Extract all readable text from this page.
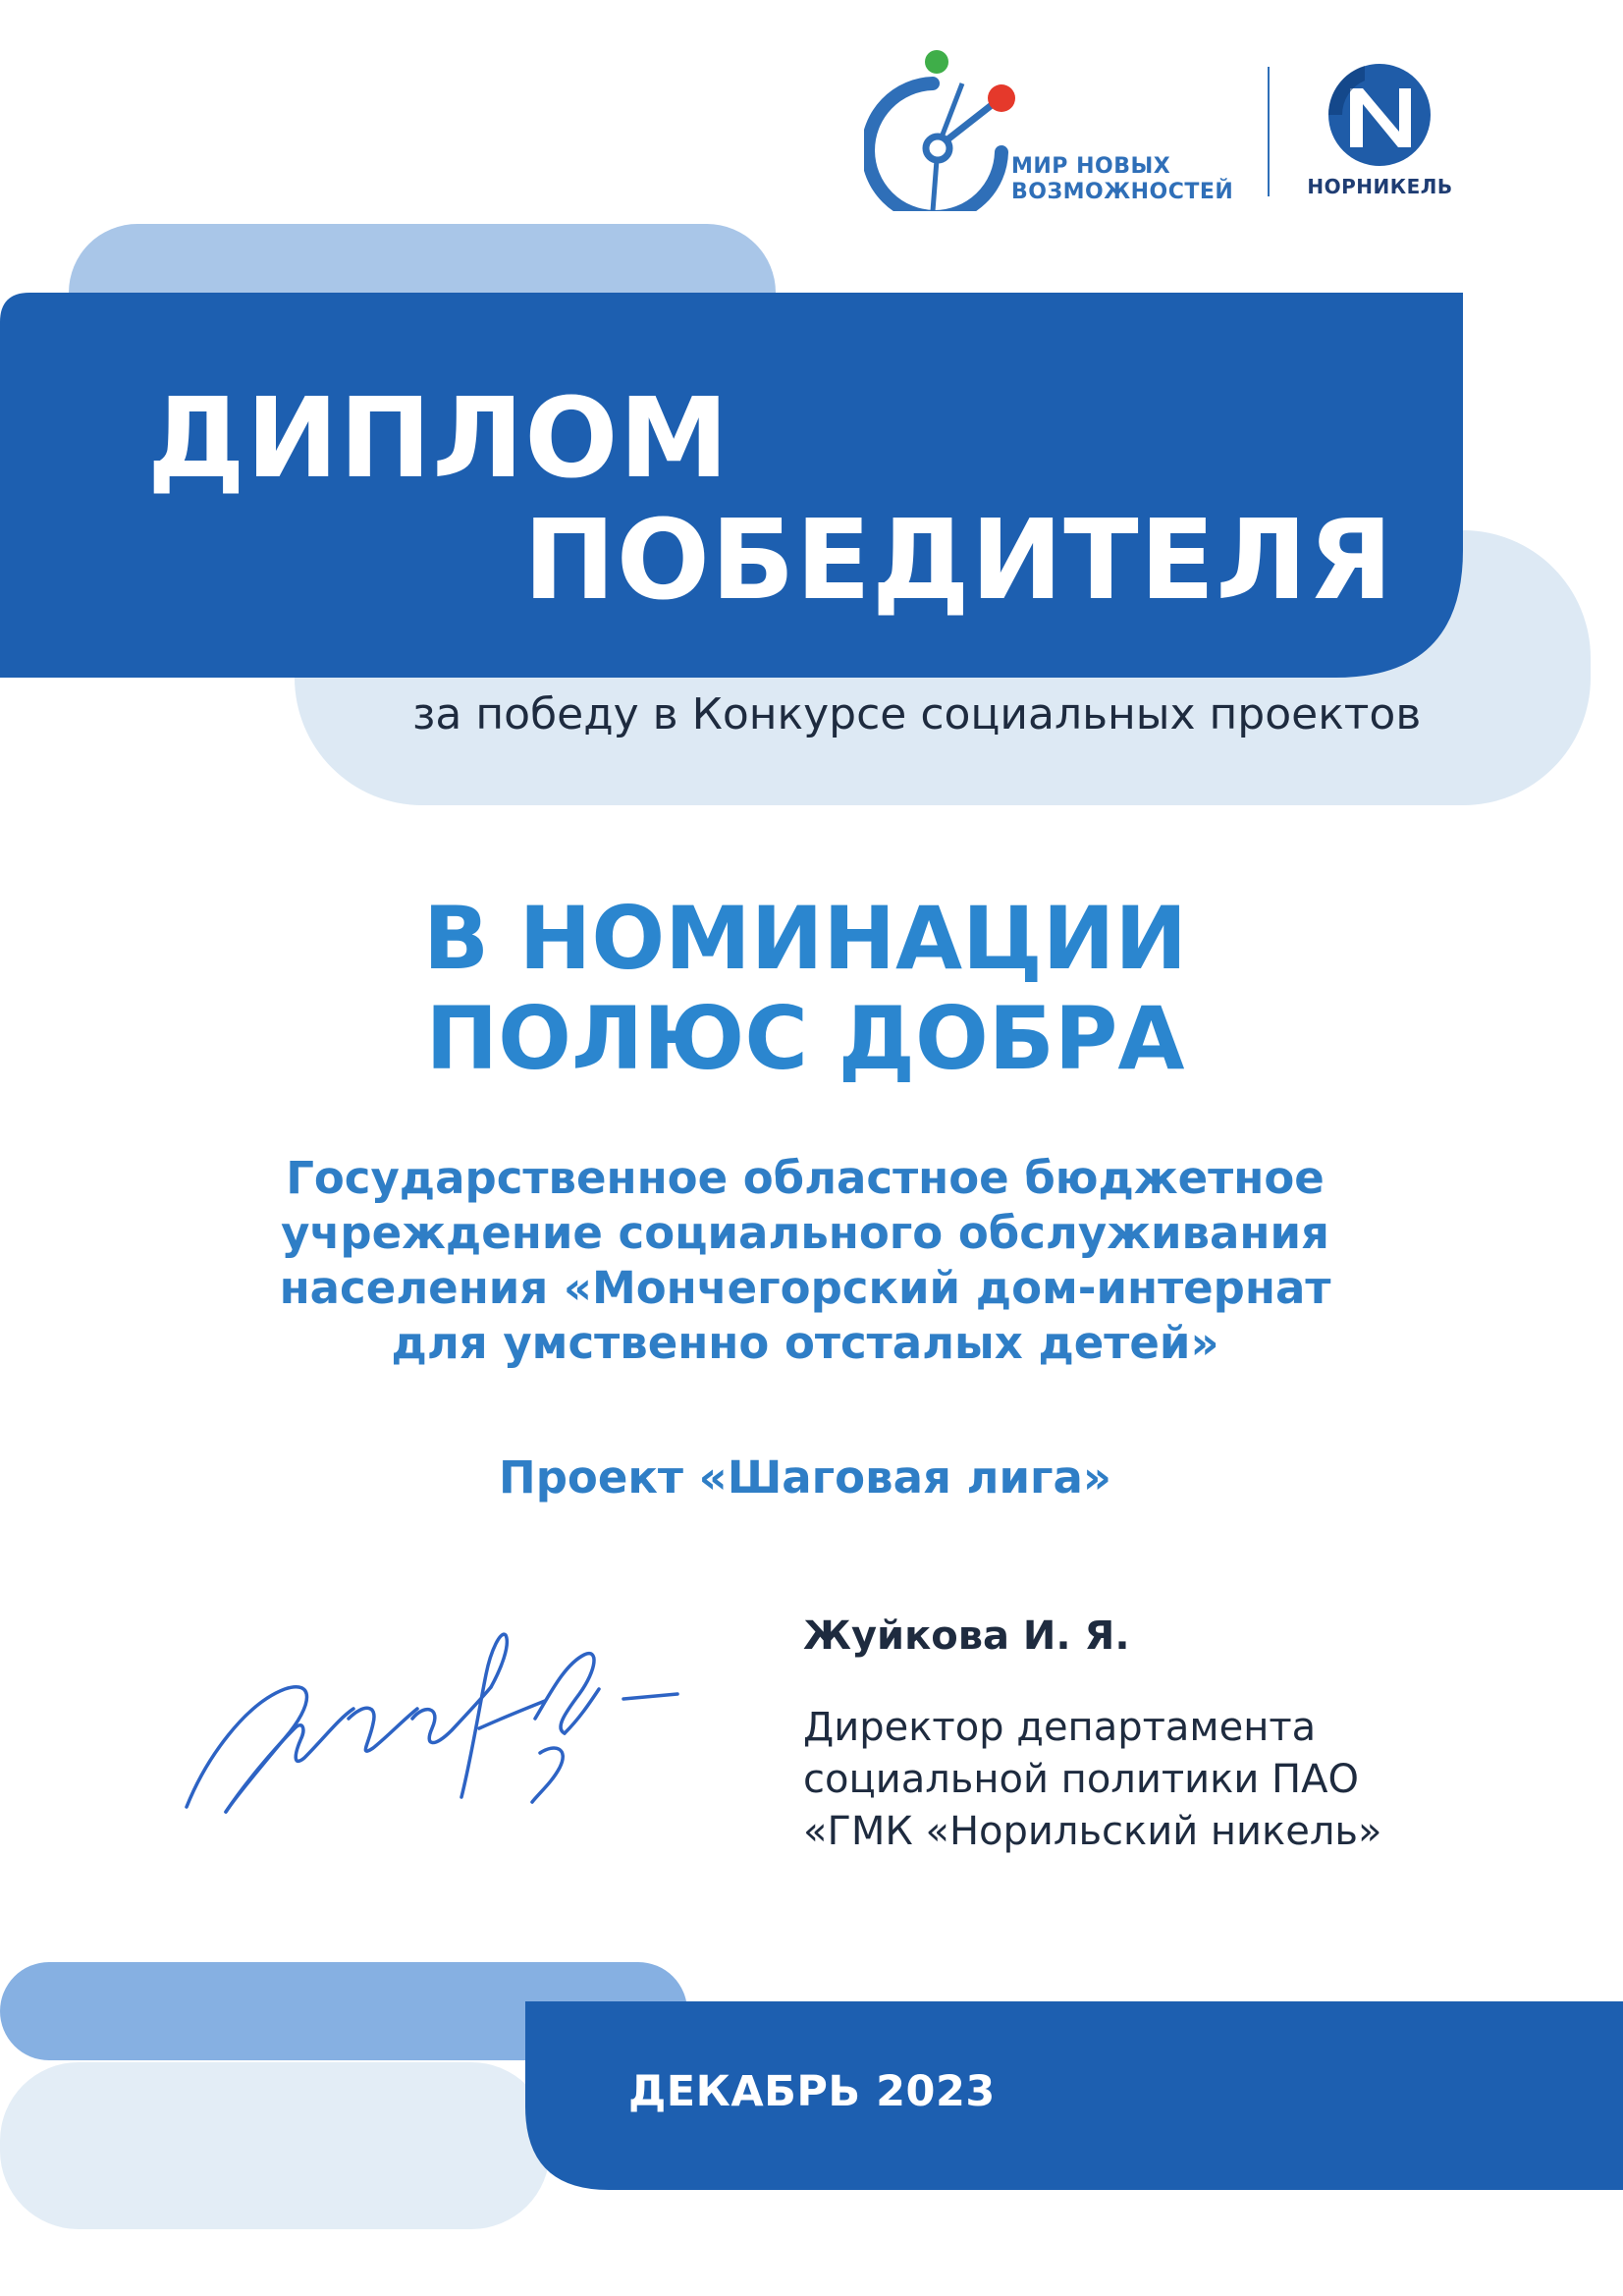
МИР НОВЫХ
ВОЗМОЖНОСТЕЙ	НОРНИКЕЛЬ
ДИПЛОМ
ПОБЕДИТЕЛЯ
за победу в Конкурсе социальных проектов
В НОМИНАЦИИ
ПОЛЮС ДОБРА
Государственное областное бюджетное
учреждение социального обслуживания
населения «Мончегорский дом-интернат
для умственно отсталых детей»
Проект «Шаговая лига»
Жуйкова И. Я.
Директор департамента
социальной политики ПАО
«ГМК «Норильский никель»
ДЕКАБРЬ 2023
